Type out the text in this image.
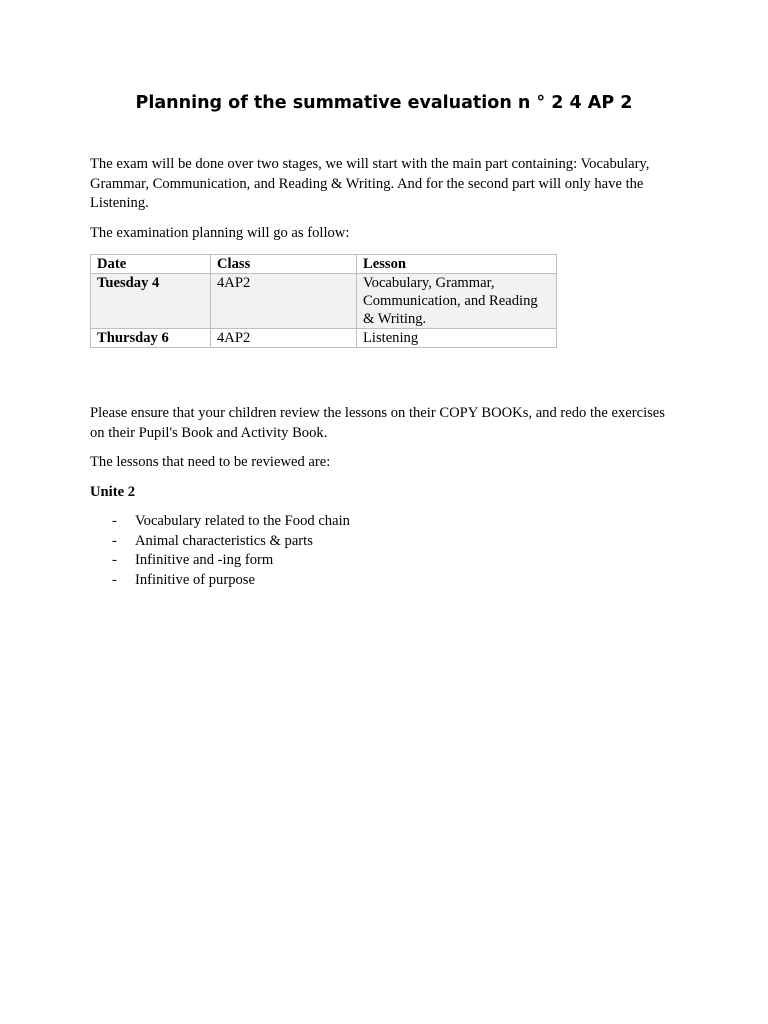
Planning of the summative evaluation n ° 2 4 AP 2

The exam will be done over two stages, we will start with the main part containing: Vocabulary, Grammar, Communication, and Reading & Writing. And for the second part will only have the Listening.

The examination planning will go as follow:

Date	Class	Lesson
Tuesday 4	4AP2	Vocabulary, Grammar, Communication, and Reading & Writing.
Thursday 6	4AP2	Listening

Please ensure that your children review the lessons on their COPY BOOKs, and redo the exercises on their Pupil's Book and Activity Book.

The lessons that need to be reviewed are:

Unite 2

- Vocabulary related to the Food chain
- Animal characteristics & parts
- Infinitive and -ing form
- Infinitive of purpose
